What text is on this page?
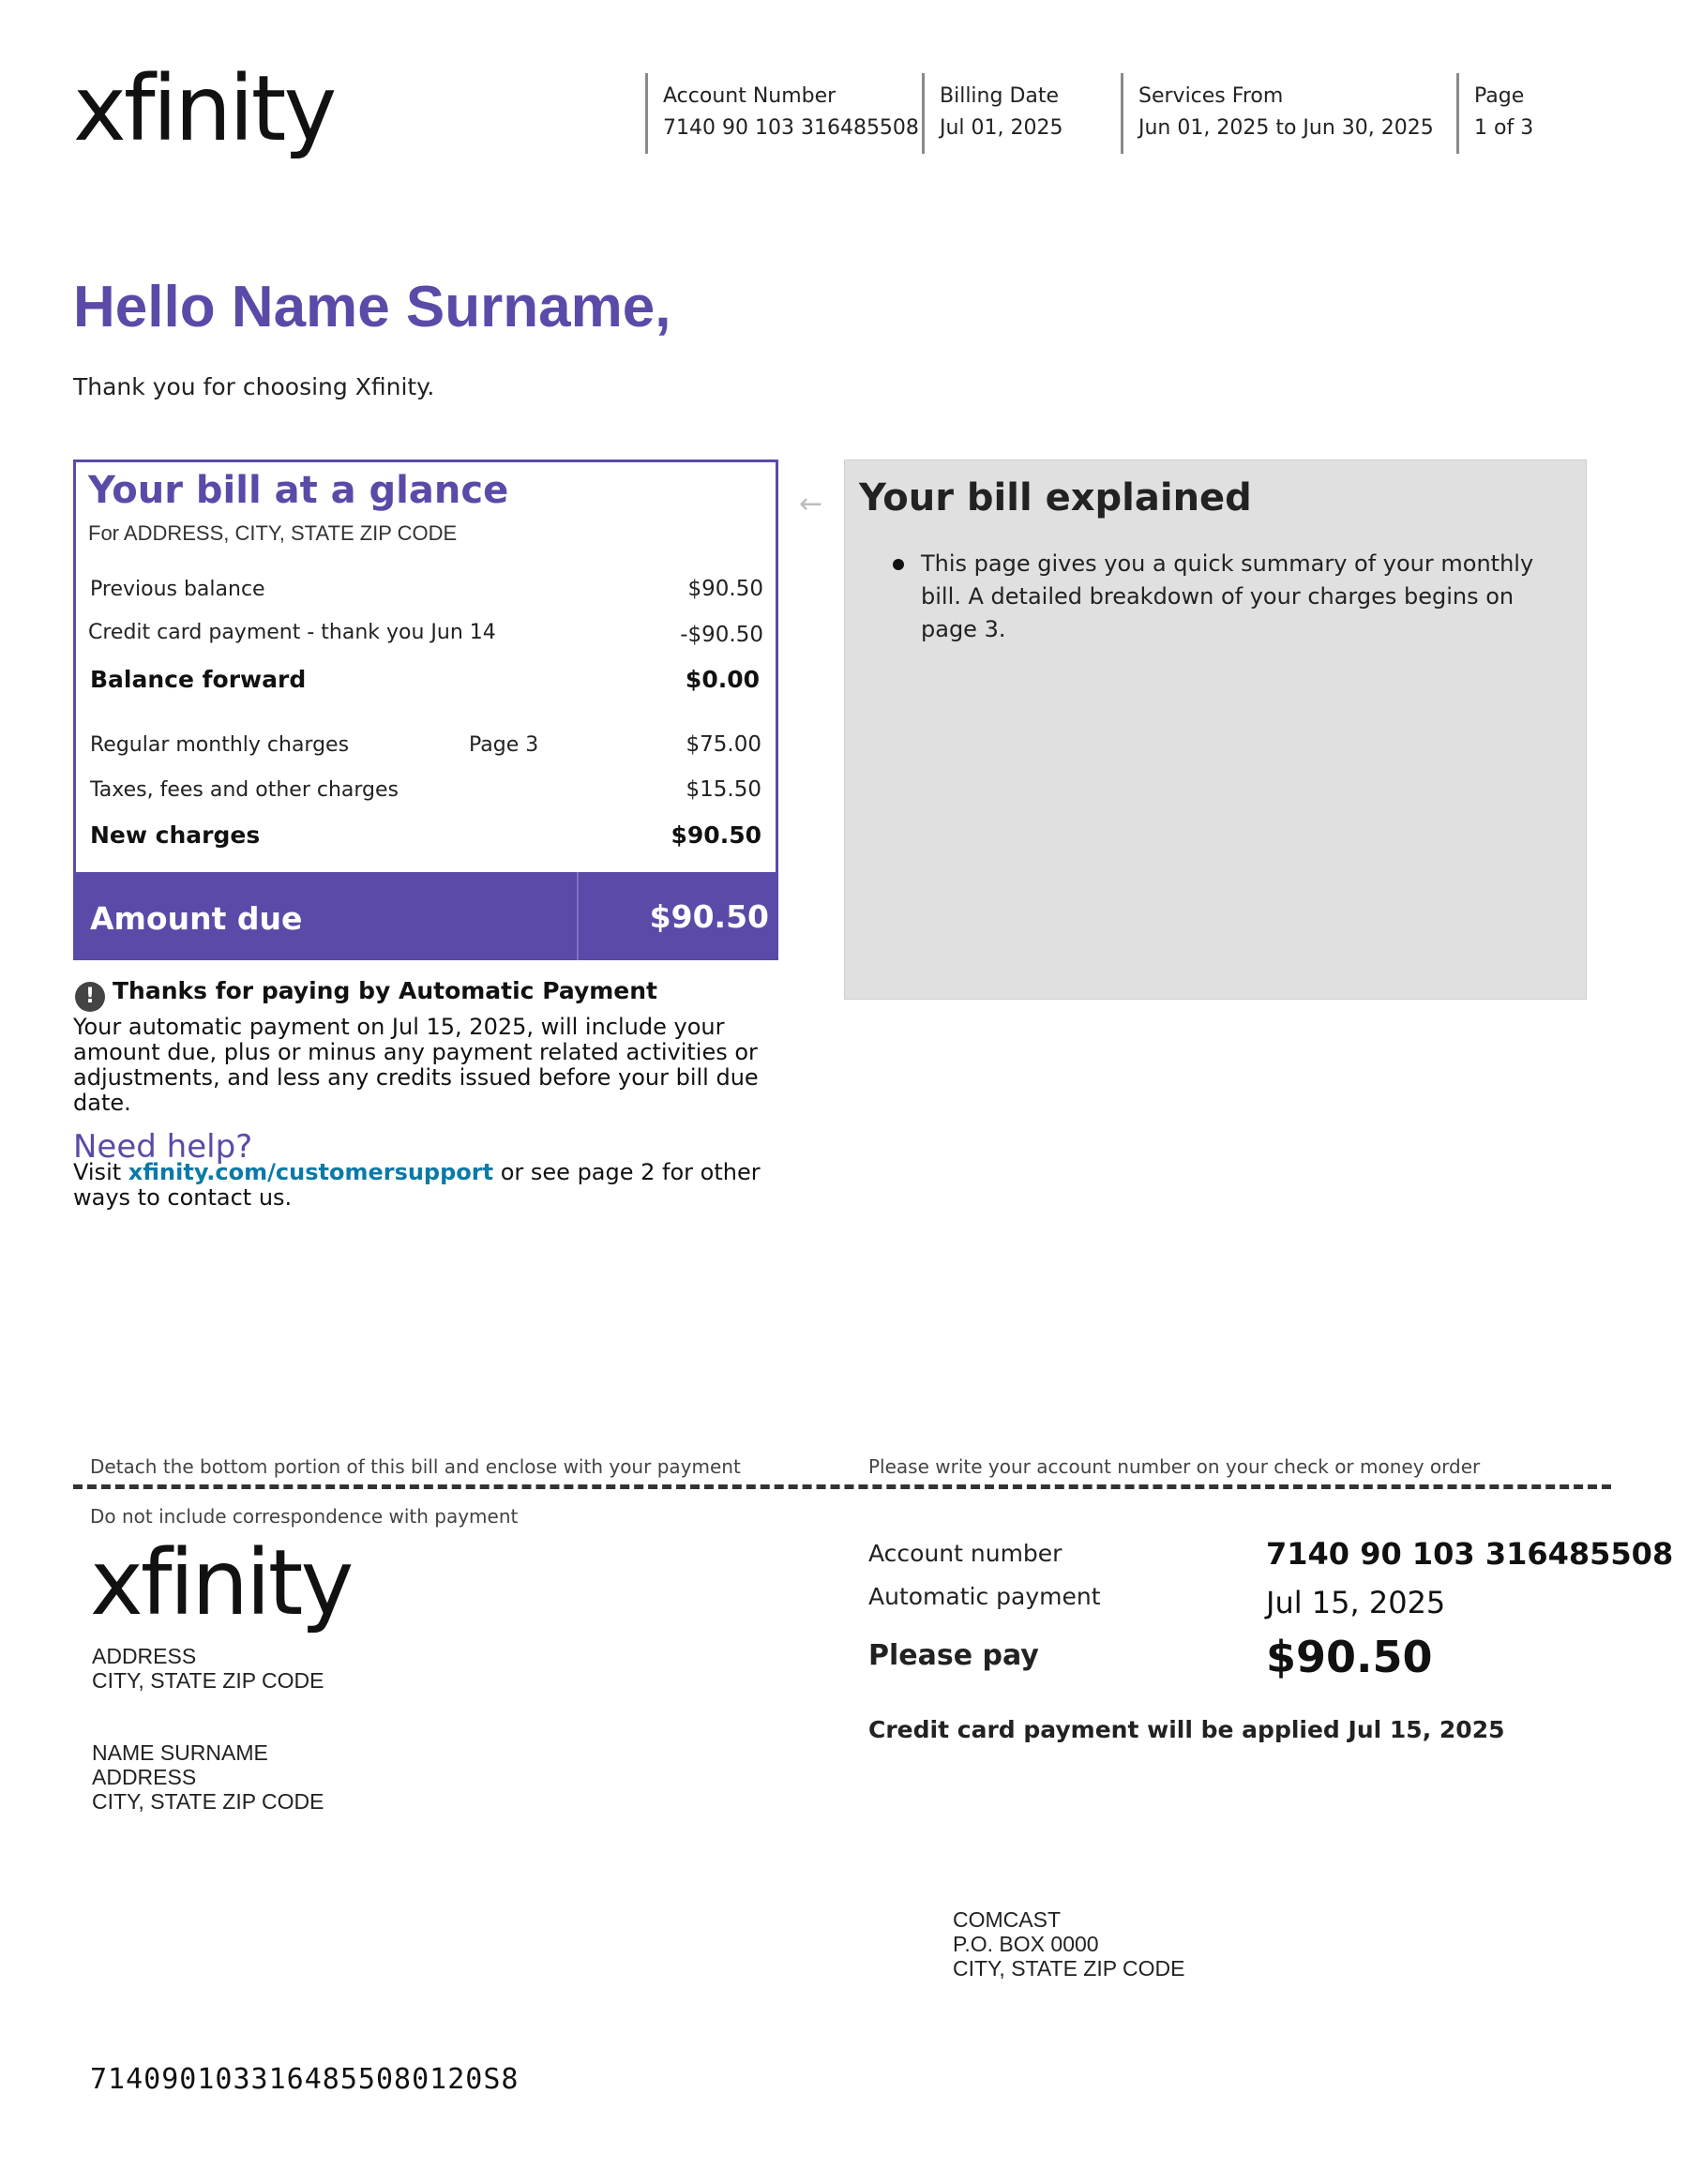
xfinity	Account Number
7140 90 103 316485508
Billing Date
Jul 01, 2025
Services From
Jun 01, 2025 to Jun 30, 2025
Page
1 of 3
Hello Name Surname,
Thank you for choosing Xfinity.
Your bill at a glance
For ADDRESS, CITY, STATE ZIP CODE
Previous balance	$90.50
Credit card payment - thank you Jun 14	-$90.50
Balance forward	$0.00
Regular monthly charges	Page 3	$75.00
Taxes, fees and other charges	$15.50
New charges	$90.50
Amount due	$90.50
! Thanks for paying by Automatic Payment
Your automatic payment on Jul 15, 2025, will include your amount due, plus or minus any payment related activities or adjustments, and less any credits issued before your bill due date.
Need help?
Visit xfinity.com/customersupport or see page 2 for other ways to contact us.
← Your bill explained
This page gives you a quick summary of your monthly bill. A detailed breakdown of your charges begins on page 3.
Detach the bottom portion of this bill and enclose with your payment	Please write your account number on your check or money order
Do not include correspondence with payment
xfinity
ADDRESS
CITY, STATE ZIP CODE
NAME SURNAME
ADDRESS
CITY, STATE ZIP CODE
Account number	7140 90 103 316485508
Automatic payment	Jul 15, 2025
Please pay	$90.50
Credit card payment will be applied Jul 15, 2025
COMCAST
P.O. BOX 0000
CITY, STATE ZIP CODE
7140901033164855080120S8
